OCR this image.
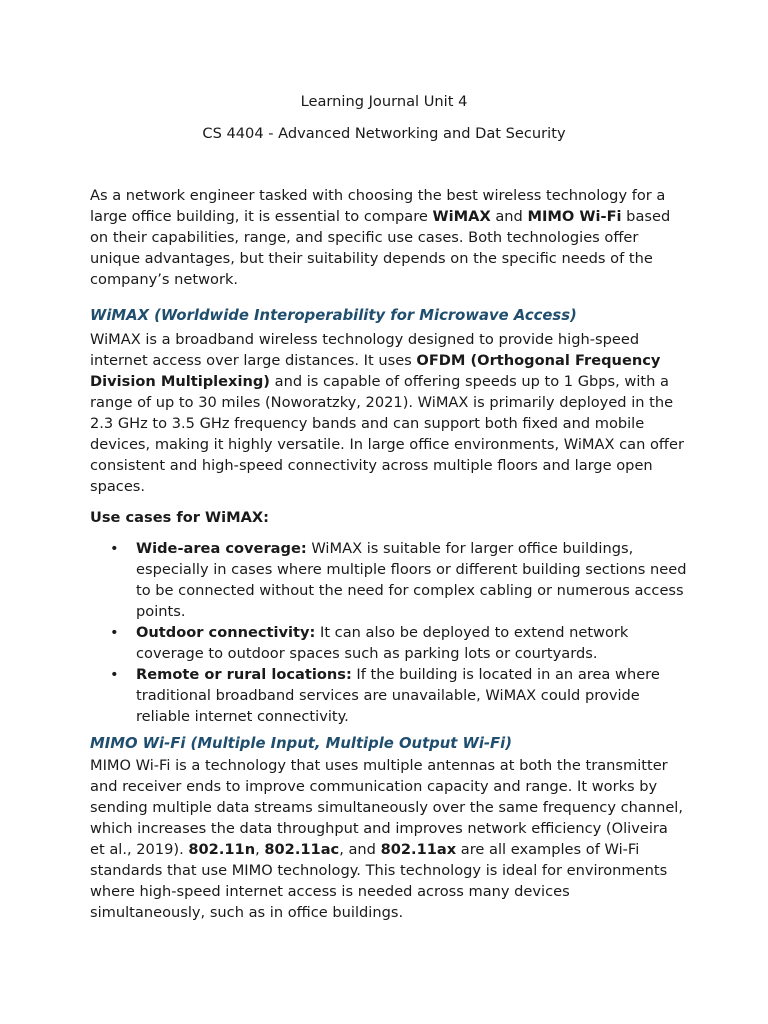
Learning Journal Unit 4
CS 4404 - Advanced Networking and Dat Security

As a network engineer tasked with choosing the best wireless technology for a large office building, it is essential to compare WiMAX and MIMO Wi-Fi based on their capabilities, range, and specific use cases. Both technologies offer unique advantages, but their suitability depends on the specific needs of the company’s network.

WiMAX (Worldwide Interoperability for Microwave Access)

WiMAX is a broadband wireless technology designed to provide high-speed internet access over large distances. It uses OFDM (Orthogonal Frequency Division Multiplexing) and is capable of offering speeds up to 1 Gbps, with a range of up to 30 miles (Noworatzky, 2021). WiMAX is primarily deployed in the 2.3 GHz to 3.5 GHz frequency bands and can support both fixed and mobile devices, making it highly versatile. In large office environments, WiMAX can offer consistent and high-speed connectivity across multiple floors and large open spaces.

Use cases for WiMAX:
• Wide-area coverage: WiMAX is suitable for larger office buildings, especially in cases where multiple floors or different building sections need to be connected without the need for complex cabling or numerous access points.
• Outdoor connectivity: It can also be deployed to extend network coverage to outdoor spaces such as parking lots or courtyards.
• Remote or rural locations: If the building is located in an area where traditional broadband services are unavailable, WiMAX could provide reliable internet connectivity.
MIMO Wi-Fi (Multiple Input, Multiple Output Wi-Fi)

MIMO Wi-Fi is a technology that uses multiple antennas at both the transmitter and receiver ends to improve communication capacity and range. It works by sending multiple data streams simultaneously over the same frequency channel, which increases the data throughput and improves network efficiency (Oliveira et al., 2019). 802.11n, 802.11ac, and 802.11ax are all examples of Wi-Fi standards that use MIMO technology. This technology is ideal for environments where high-speed internet access is needed across many devices simultaneously, such as in office buildings.
